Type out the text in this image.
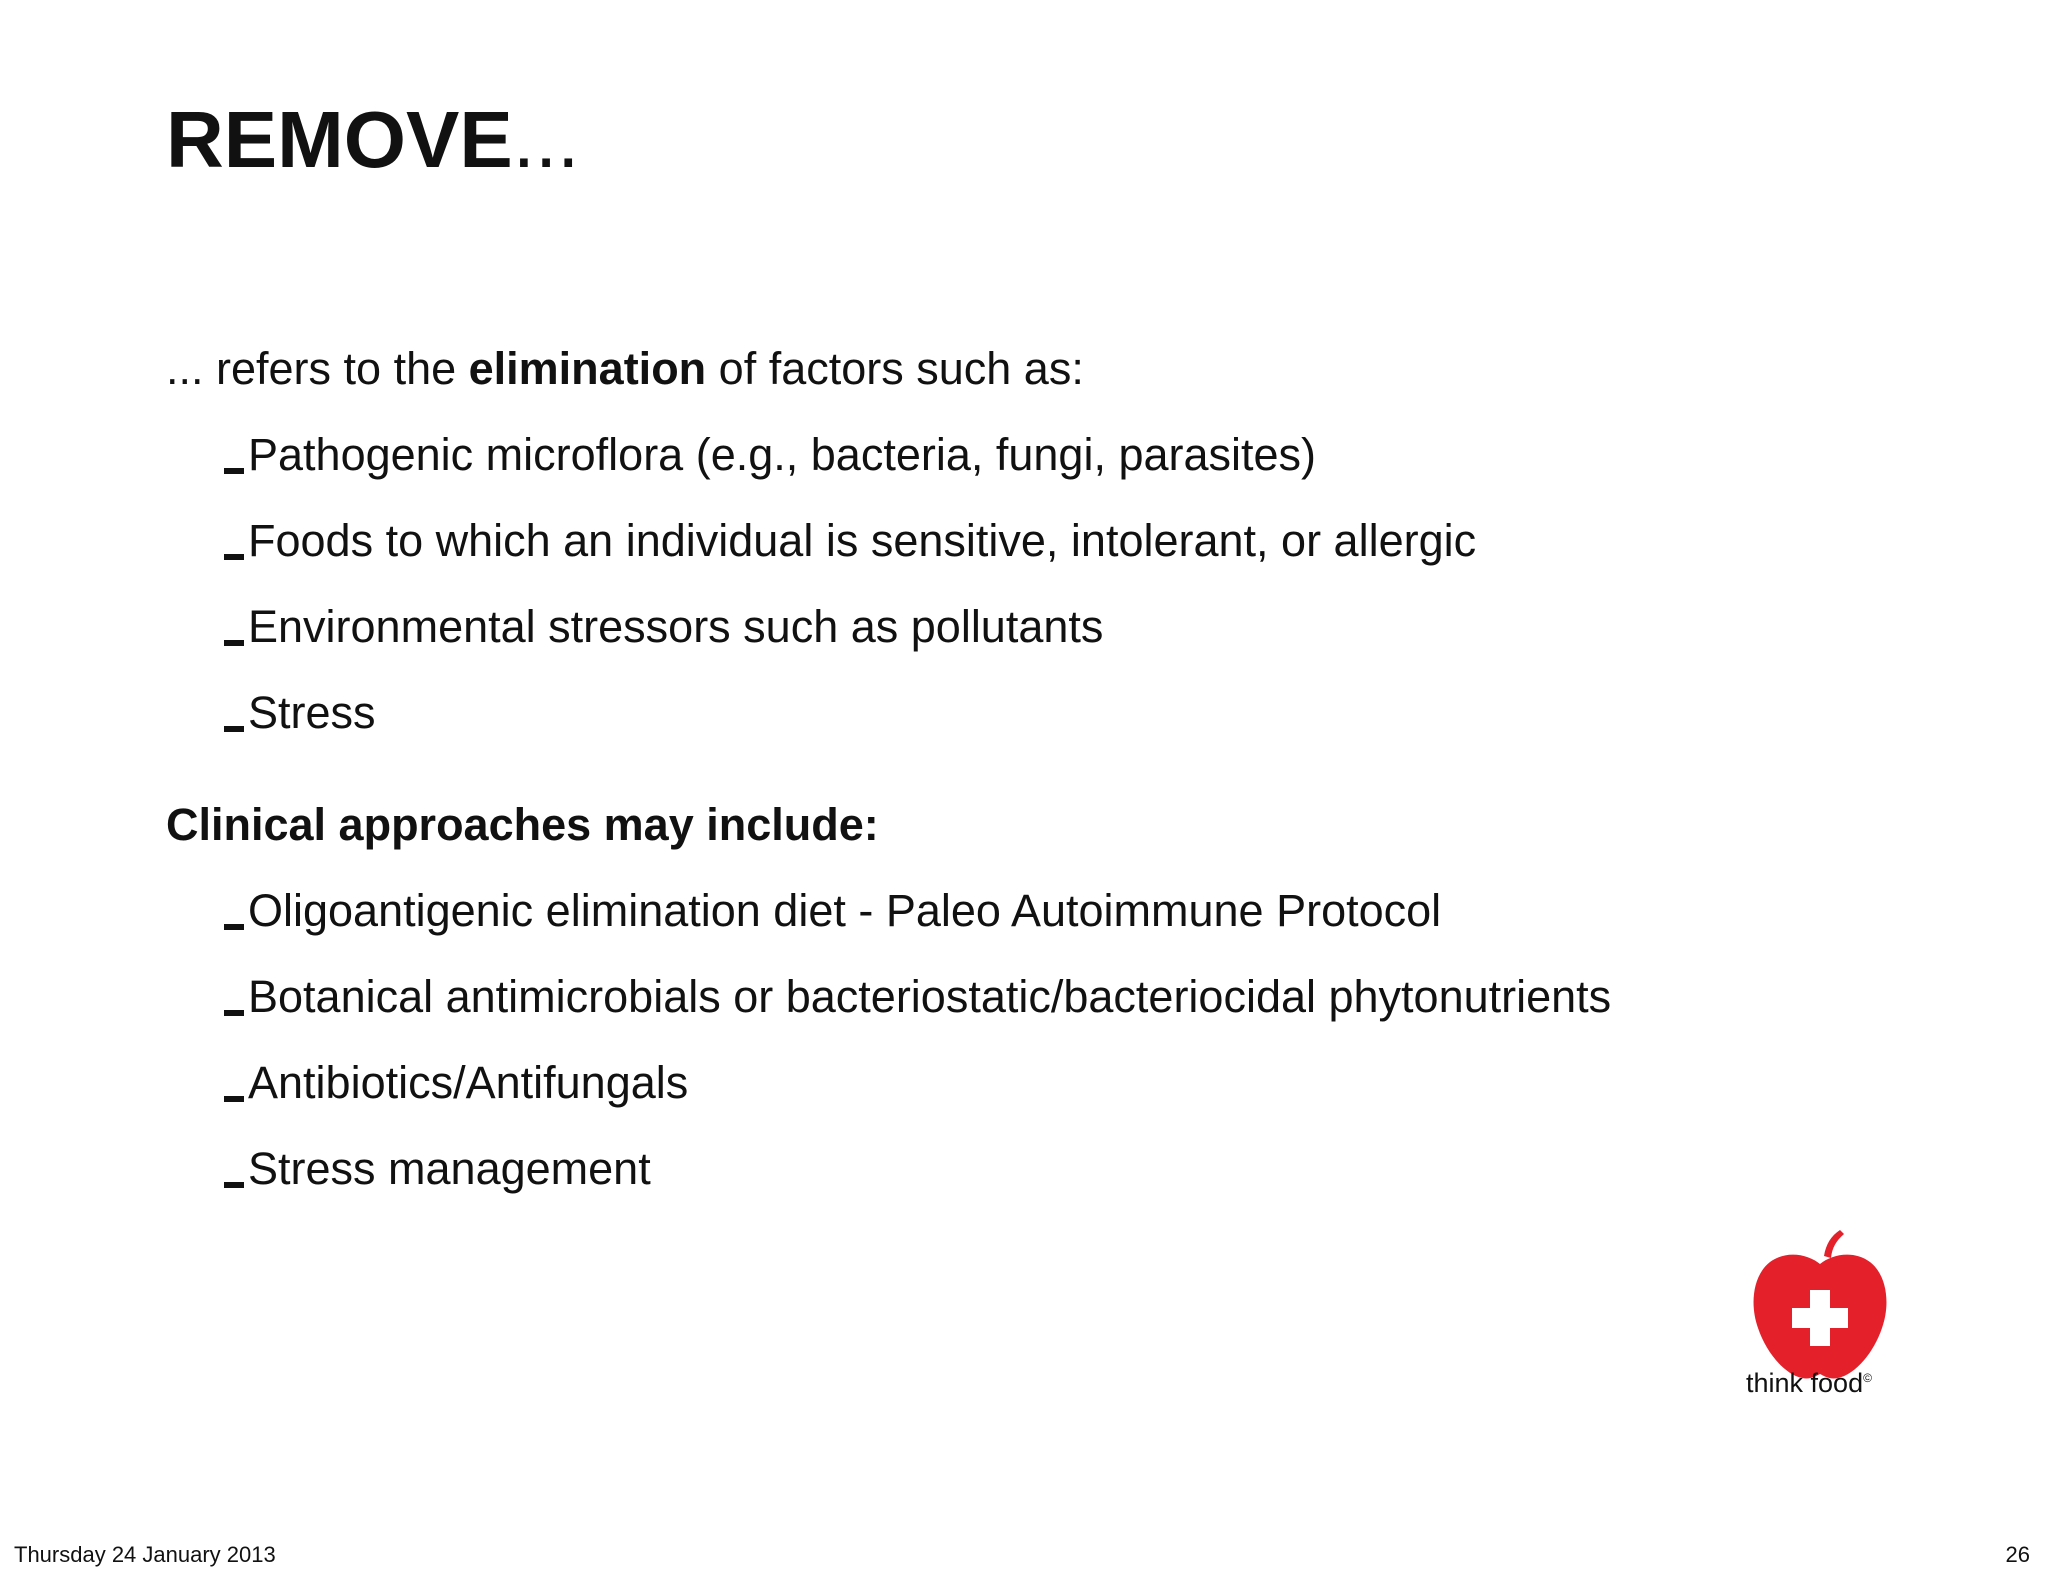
REMOVE...
... refers to the elimination of factors such as:
Pathogenic microflora (e.g., bacteria, fungi, parasites)
Foods to which an individual is sensitive, intolerant, or allergic
Environmental stressors such as pollutants
Stress
Clinical approaches may include:
Oligoantigenic elimination diet - Paleo Autoimmune Protocol
Botanical antimicrobials or bacteriostatic/bacteriocidal phytonutrients
Antibiotics/Antifungals
Stress management
think food©
Thursday 24 January 2013	26
